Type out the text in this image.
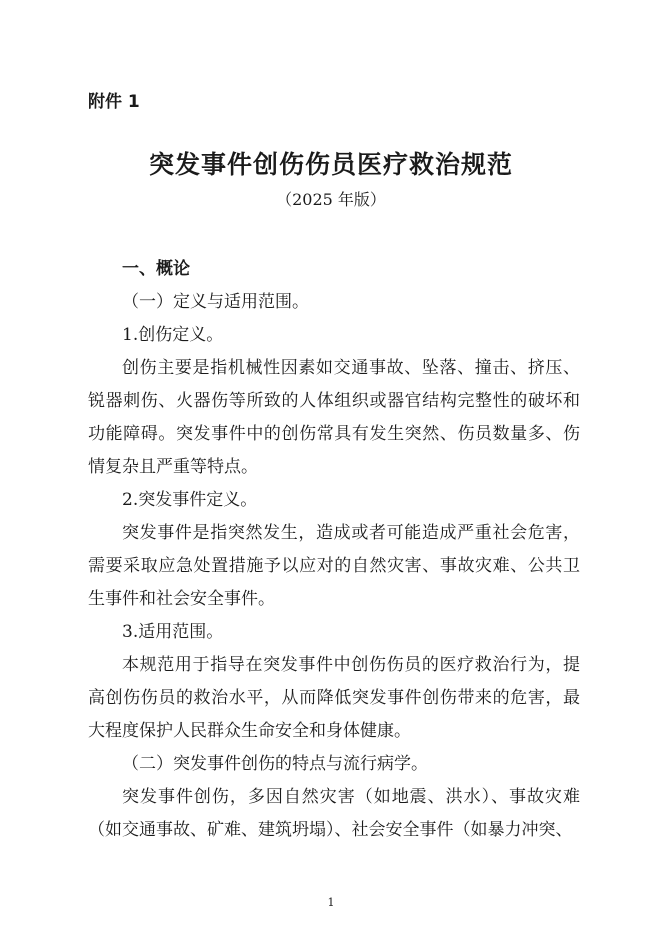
附件 1
突发事件创伤伤员医疗救治规范
（2025 年版）

一、概论

（一）定义与适用范围。

1.创伤定义。

创伤主要是指机械性因素如交通事故、坠落、撞击、挤压、锐器刺伤、火器伤等所致的人体组织或器官结构完整性的破坏和功能障碍。突发事件中的创伤常具有发生突然、伤员数量多、伤情复杂且严重等特点。

2.突发事件定义。

突发事件是指突然发生，造成或者可能造成严重社会危害，需要采取应急处置措施予以应对的自然灾害、事故灾难、公共卫生事件和社会安全事件。

3.适用范围。

本规范用于指导在突发事件中创伤伤员的医疗救治行为，提高创伤伤员的救治水平，从而降低突发事件创伤带来的危害，最大程度保护人民群众生命安全和身体健康。

（二）突发事件创伤的特点与流行病学。

突发事件创伤，多因自然灾害（如地震、洪水）、事故灾难（如交通事故、矿难、建筑坍塌）、社会安全事件（如暴力冲突、

1
